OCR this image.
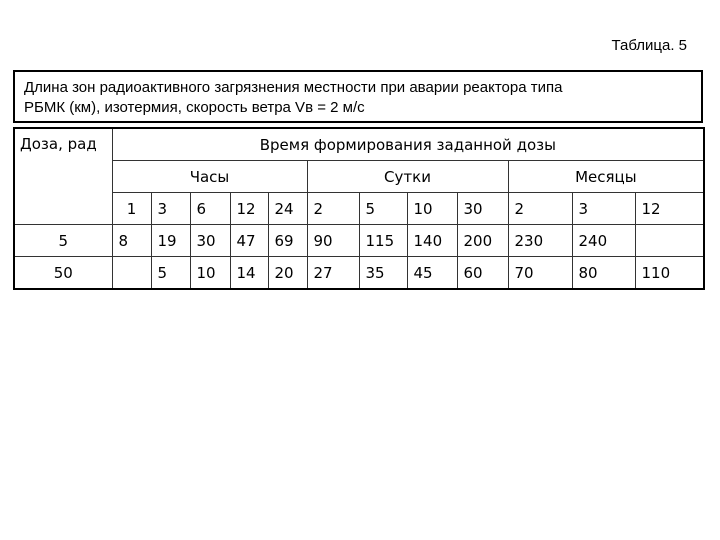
Таблица. 5
Длина зон радиоактивного загрязнения местности при аварии реактора типа
РБМК (км), изотермия, скорость ветра Vв = 2 м/с
Доза, рад	Время формирования заданной дозы											
	Часы					Сутки				Месяцы		
	1	3	6	12	24	2	5	10	30	2	3	12
5	8	19	30	47	69	90	115	140	200	230	240	
50		5	10	14	20	27	35	45	60	70	80	110
